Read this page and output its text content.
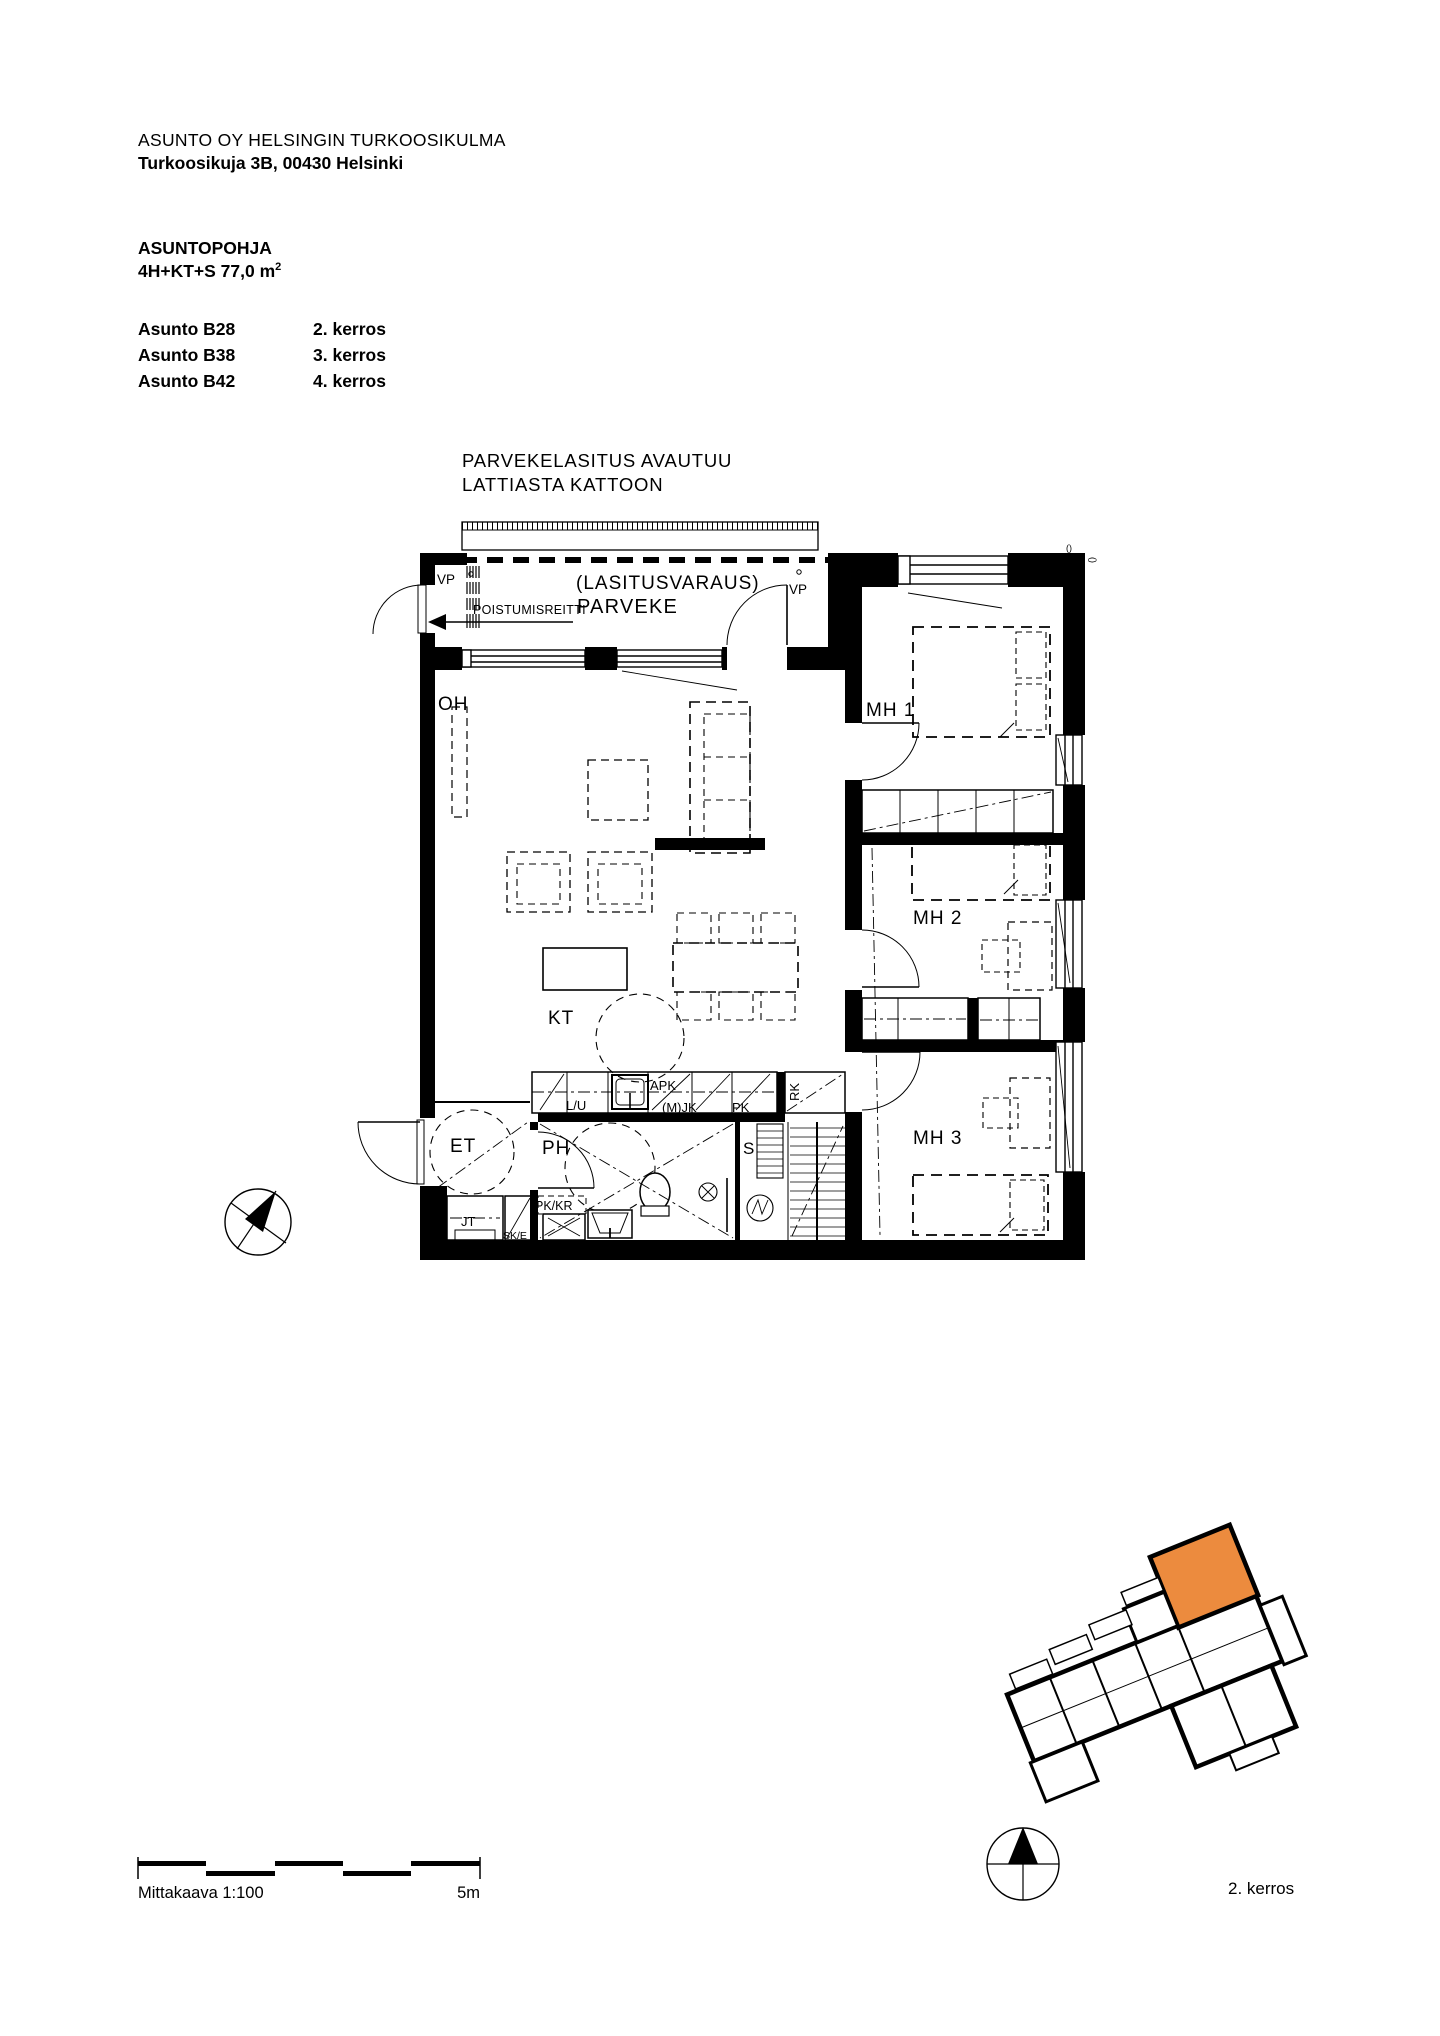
ASUNTO OY HELSINGIN TURKOOSIKULMA
Turkoosikuja 3B, 00430 Helsinki
ASUNTOPOHJA
4H+KT+S 77,0 $m^2$
Asunto B28	2. kerros
Asunto B38	3. kerros
Asunto B42	4. kerros
PARVEKELASITUS AVAUTUU
LATTIASTA KATTOON
VP
VP
(LASITUSVARAUS)
PARVEKE
POISTUMISREITTI
OH
KT
MH 1
MH 2
MH 3
ET	PH	S
JT
SK/E
PK/KR
L/U
APK
(M)JK	PK
RK
()
()
Mittakaava 1:100	5m	2. kerros
